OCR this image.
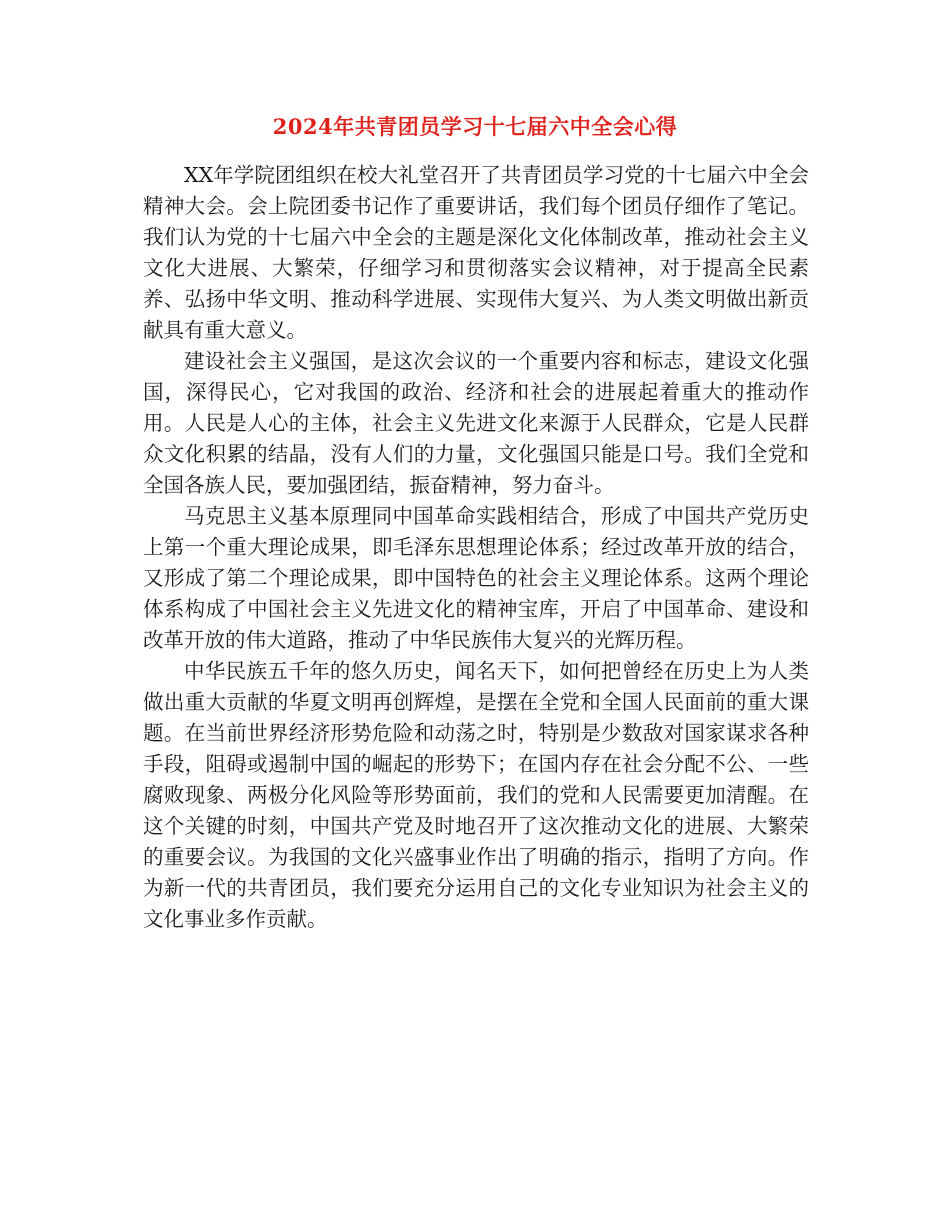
2024年共青团员学习十七届六中全会心得

XX年学院团组织在校大礼堂召开了共青团员学习党的十七届六中全会精神大会。会上院团委书记作了重要讲话，我们每个团员仔细作了笔记。我们认为党的十七届六中全会的主题是深化文化体制改革，推动社会主义文化大进展、大繁荣，仔细学习和贯彻落实会议精神，对于提高全民素养、弘扬中华文明、推动科学进展、实现伟大复兴、为人类文明做出新贡献具有重大意义。

建设社会主义强国，是这次会议的一个重要内容和标志，建设文化强国，深得民心，它对我国的政治、经济和社会的进展起着重大的推动作用。人民是人心的主体，社会主义先进文化来源于人民群众，它是人民群众文化积累的结晶，没有人们的力量，文化强国只能是口号。我们全党和全国各族人民，要加强团结，振奋精神，努力奋斗。

马克思主义基本原理同中国革命实践相结合，形成了中国共产党历史上第一个重大理论成果，即毛泽东思想理论体系；经过改革开放的结合，又形成了第二个理论成果，即中国特色的社会主义理论体系。这两个理论体系构成了中国社会主义先进文化的精神宝库，开启了中国革命、建设和改革开放的伟大道路，推动了中华民族伟大复兴的光辉历程。

中华民族五千年的悠久历史，闻名天下，如何把曾经在历史上为人类做出重大贡献的华夏文明再创辉煌，是摆在全党和全国人民面前的重大课题。在当前世界经济形势危险和动荡之时，特别是少数敌对国家谋求各种手段，阻碍或遏制中国的崛起的形势下；在国内存在社会分配不公、一些腐败现象、两极分化风险等形势面前，我们的党和人民需要更加清醒。在这个关键的时刻，中国共产党及时地召开了这次推动文化的进展、大繁荣的重要会议。为我国的文化兴盛事业作出了明确的指示，指明了方向。作为新一代的共青团员，我们要充分运用自己的文化专业知识为社会主义的文化事业多作贡献。
